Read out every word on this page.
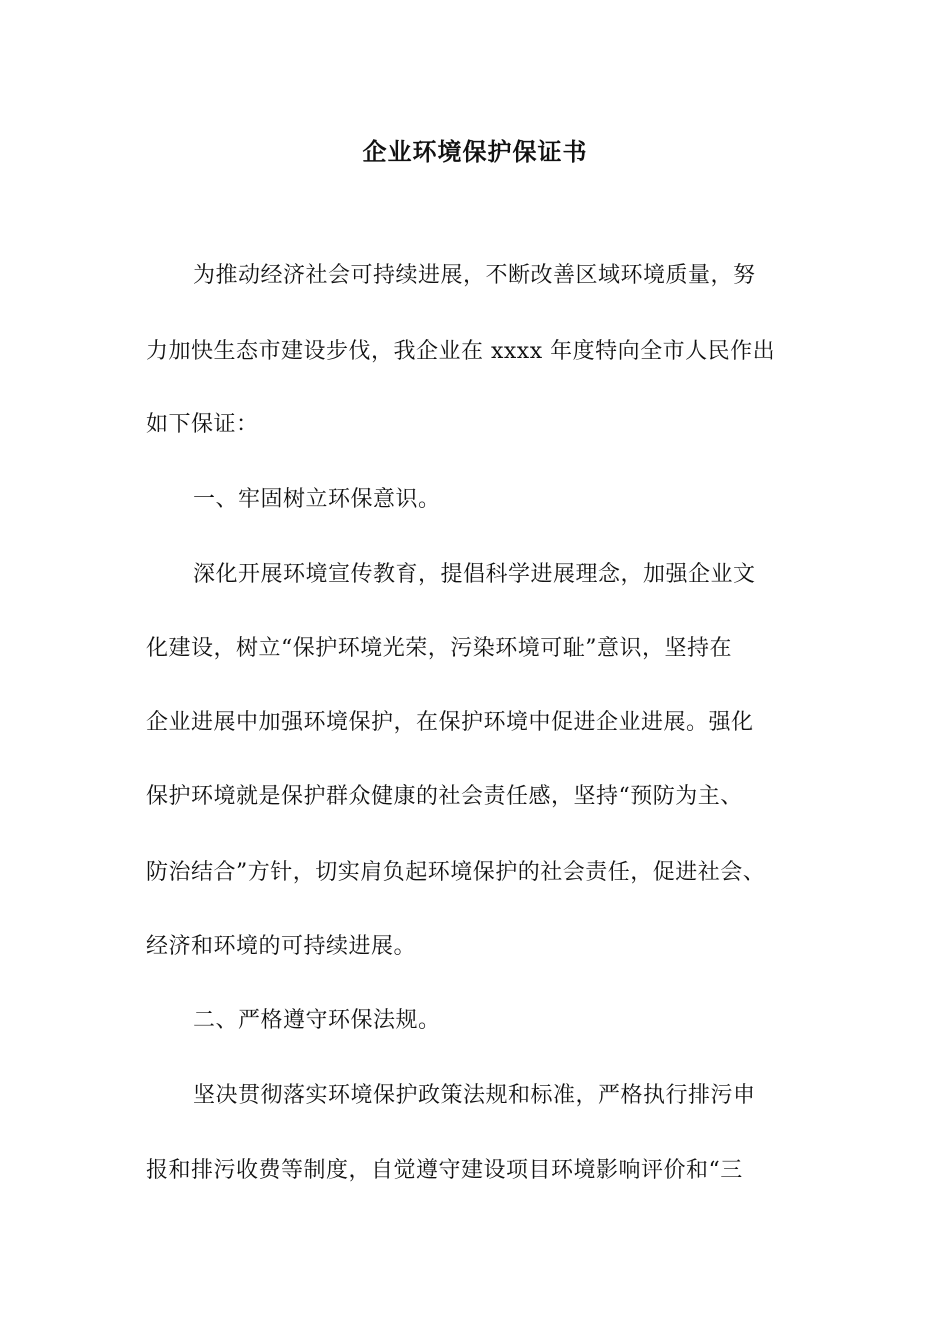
企业环境保护保证书
为推动经济社会可持续进展，不断改善区域环境质量，努
力加快生态市建设步伐，我企业在 xxxx 年度特向全市人民作出
如下保证：
一、牢固树立环保意识。
深化开展环境宣传教育，提倡科学进展理念，加强企业文
化建设，树立“保护环境光荣，污染环境可耻”意识，坚持在
企业进展中加强环境保护，在保护环境中促进企业进展。强化
保护环境就是保护群众健康的社会责任感，坚持“预防为主、
防治结合”方针，切实肩负起环境保护的社会责任，促进社会、
经济和环境的可持续进展。
二、严格遵守环保法规。
坚决贯彻落实环境保护政策法规和标准，严格执行排污申
报和排污收费等制度，自觉遵守建设项目环境影响评价和“三
